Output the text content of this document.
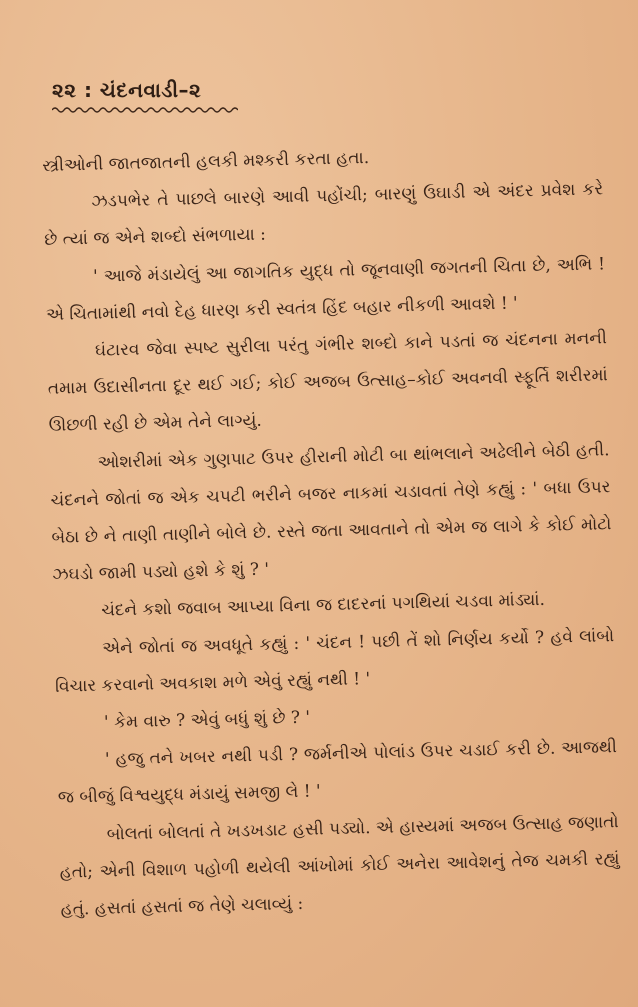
૨૨ : ચંદનવાડી–૨

સ્ત્રીઓની જાતજાતની હલકી મશ્કરી કરતા હતા.

ઝડપભેર તે પાછલે બારણે આવી પહોંચી; બારણું ઉઘાડી એ અંદર પ્રવેશ કરે છે ત્યાં જ એને શબ્દો સંભળાયા :

' આજે મંડાયેલું આ જાગતિક યુદ્ધ તો જૂનવાણી જગતની ચિતા છે, અભિ ! એ ચિતામાંથી નવો દેહ ધારણ કરી સ્વતંત્ર હિંદ બહાર નીકળી આવશે ! '

ઘંટારવ જેવા સ્પષ્ટ સુરીલા પરંતુ ગંભીર શબ્દો કાને પડતાં જ ચંદનના મનની તમામ ઉદાસીનતા દૂર થઈ ગઈ; કોઈ અજબ ઉત્સાહ–કોઈ અવનવી સ્ફૂર્તિ શરીરમાં ઊછળી રહી છે એમ તેને લાગ્યું.

ઓશરીમાં એક ગુણપાટ ઉપર હીરાની મોટી બા થાંભલાને અઢેલીને બેઠી હતી. ચંદનને જોતાં જ એક ચપટી ભરીને બજર નાકમાં ચડાવતાં તેણે કહ્યું : ' બધા ઉપર બેઠા છે ને તાણી તાણીને બોલે છે. રસ્તે જતા આવતાને તો એમ જ લાગે કે કોઈ મોટો ઝઘડો જામી પડ્યો હશે કે શું ? '

ચંદને કશો જવાબ આપ્યા વિના જ દાદરનાં પગથિયાં ચડવા માંડ્યાં.

એને જોતાં જ અવધૂતે કહ્યું : ' ચંદન ! પછી તેં શો નિર્ણય કર્યો ? હવે લાંબો વિચાર કરવાનો અવકાશ મળે એવું રહ્યું નથી ! '

' કેમ વારુ ? એવું બધું શું છે ? '

' હજુ તને ખબર નથી પડી ? જર્મનીએ પોલાંડ ઉપર ચડાઈ કરી છે. આજથી જ બીજું વિશ્વયુદ્ધ મંડાયું સમજી લે ! '

બોલતાં બોલતાં તે ખડખડાટ હસી પડ્યો. એ હાસ્યમાં અજબ ઉત્સાહ જણાતો હતો; એની વિશાળ પહોળી થયેલી આંખોમાં કોઈ અનેરા આવેશનું તેજ ચમકી રહ્યું હતું. હસતાં હસતાં જ તેણે ચલાવ્યું :
